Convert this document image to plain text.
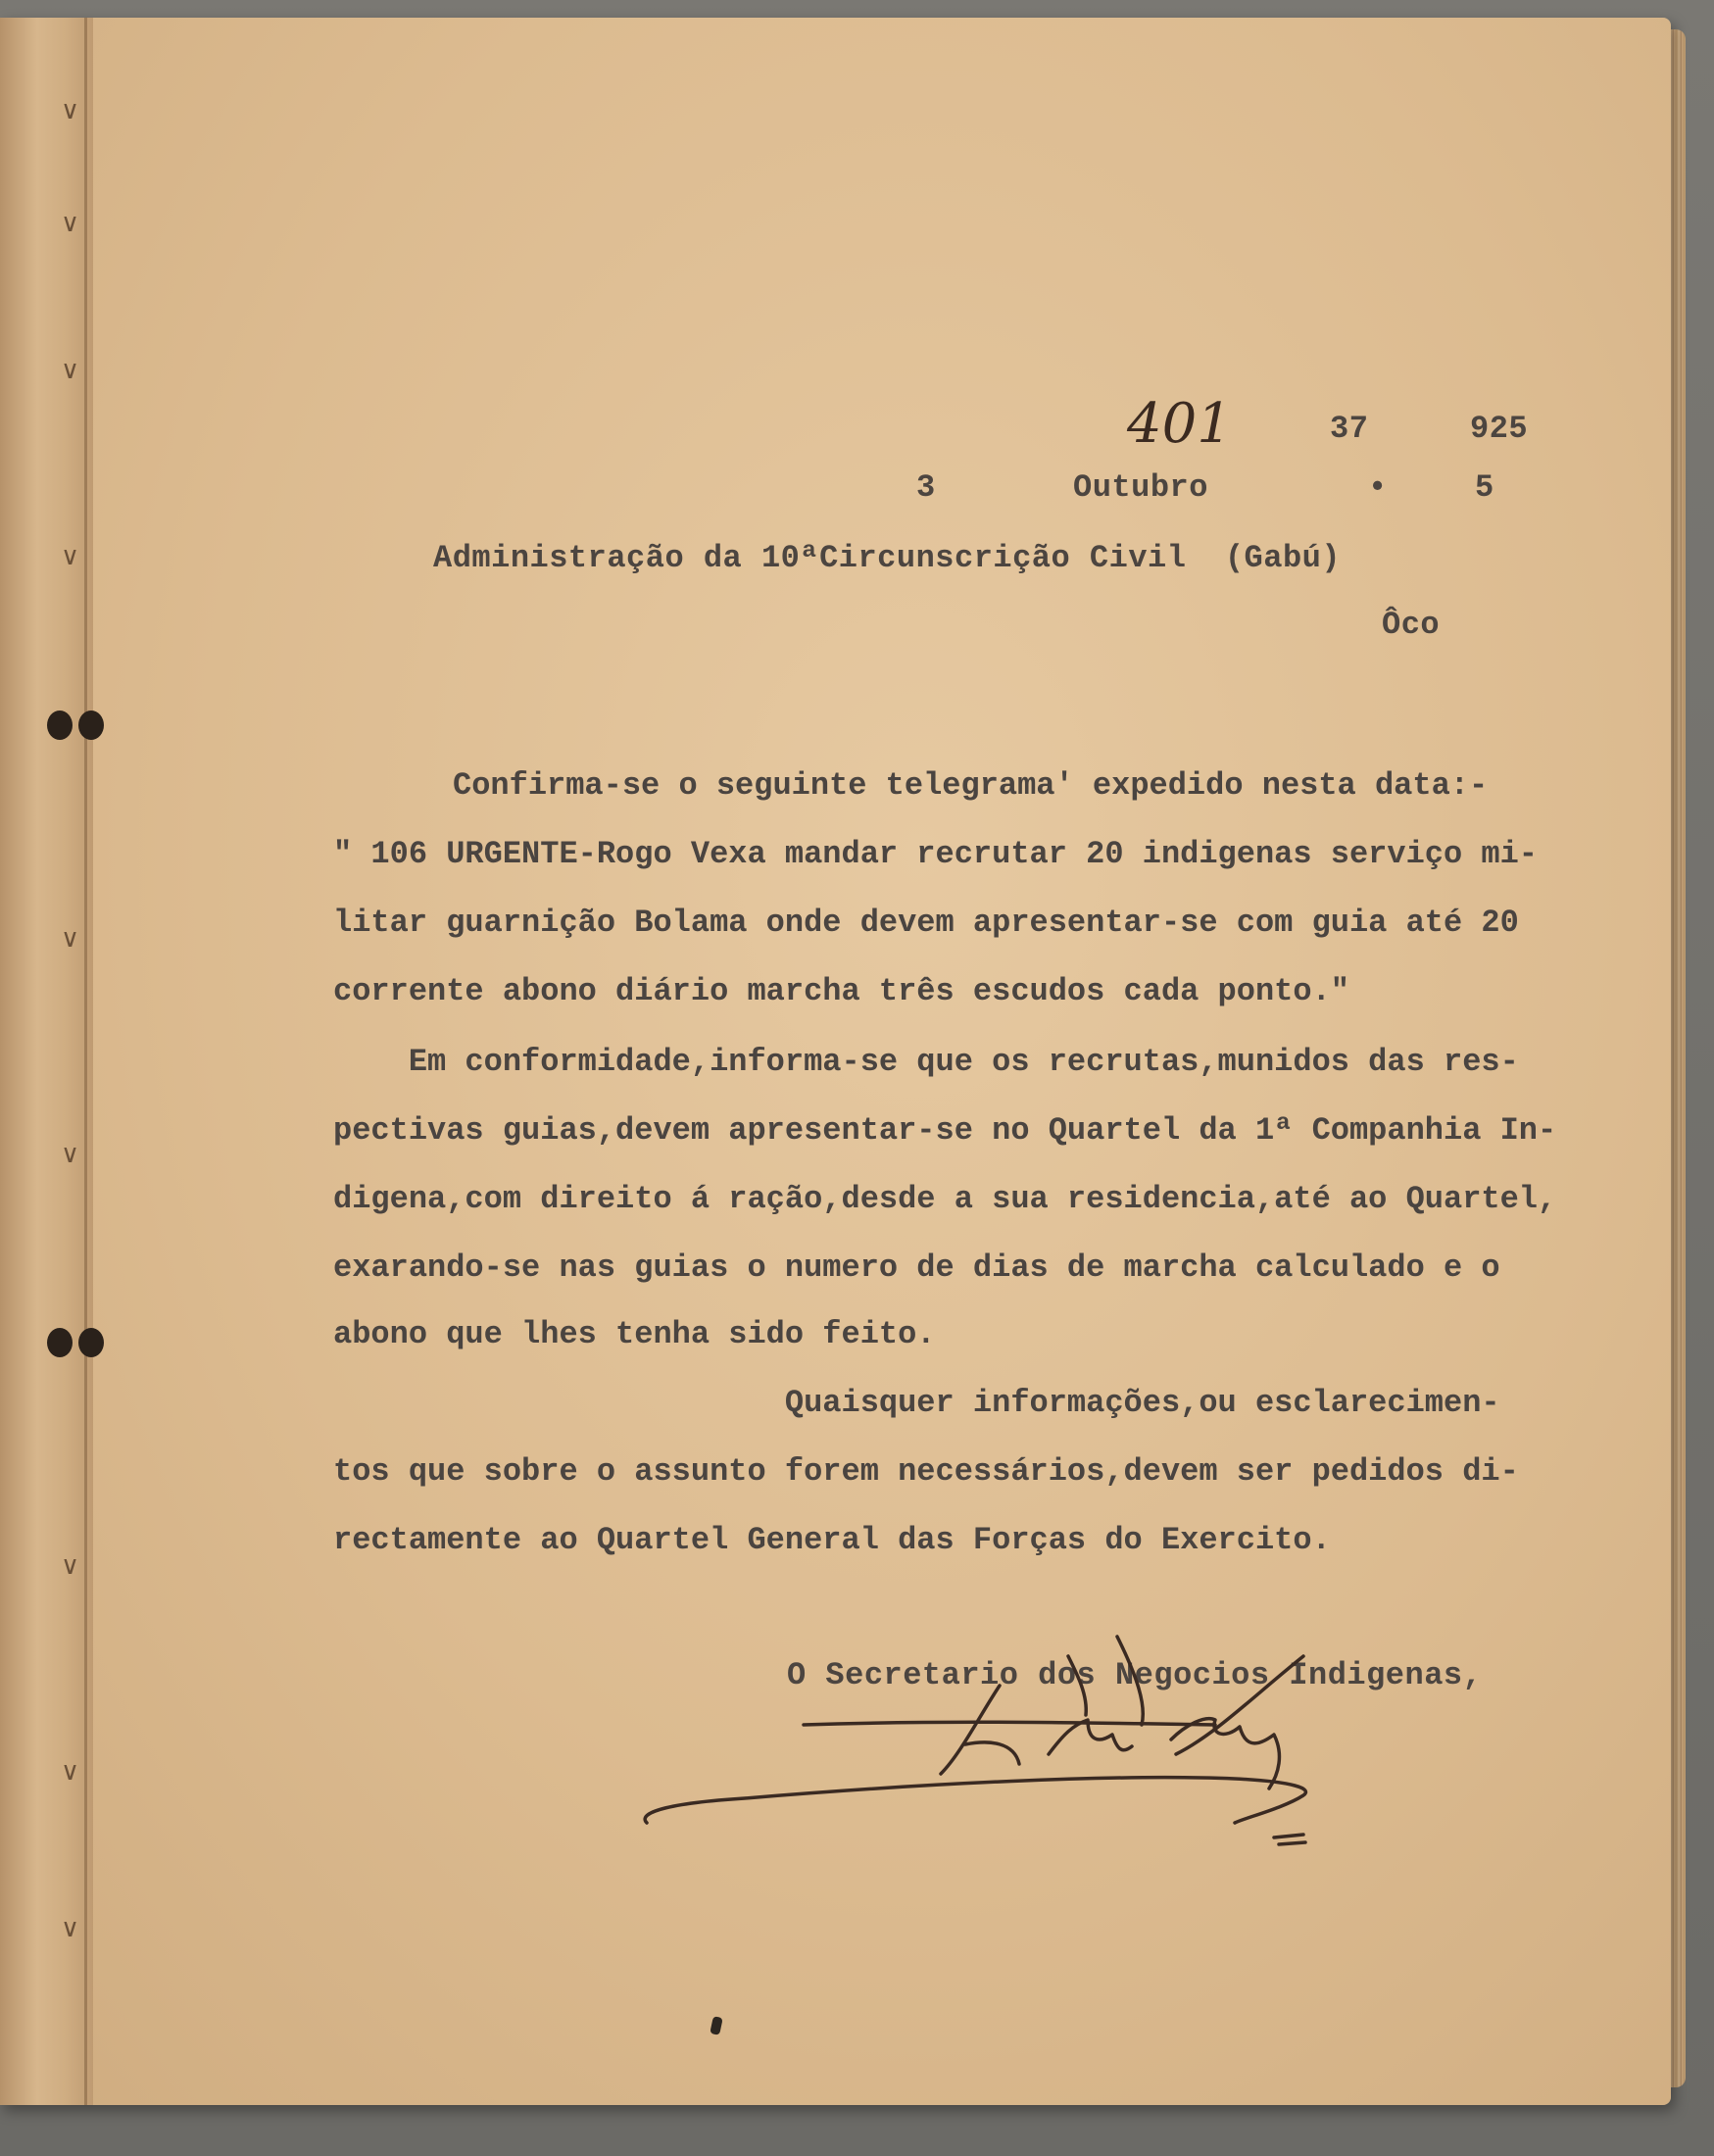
∨
∨
∨
∨
∨
∨
∨
∨
∨
401	37	925
3	Outubro	•	5
Administração da 10ªCircunscrição Civil  (Gabú)
Ôco
Confirma-se o seguinte telegrama' expedido nesta data:-
" 106 URGENTE-Rogo Vexa mandar recrutar 20 indigenas serviço mi-
litar guarnição Bolama onde devem apresentar-se com guia até 20
corrente abono diário marcha três escudos cada ponto."
Em conformidade,informa-se que os recrutas,munidos das res-
pectivas guias,devem apresentar-se no Quartel da 1ª Companhia In-
digena,com direito á ração,desde a sua residencia,até ao Quartel,
exarando-se nas guias o numero de dias de marcha calculado e o
abono que lhes tenha sido feito.
Quaisquer informações,ou esclarecimen-
tos que sobre o assunto forem necessários,devem ser pedidos di-
rectamente ao Quartel General das Forças do Exercito.
O Secretario dos Negocios Indigenas,
